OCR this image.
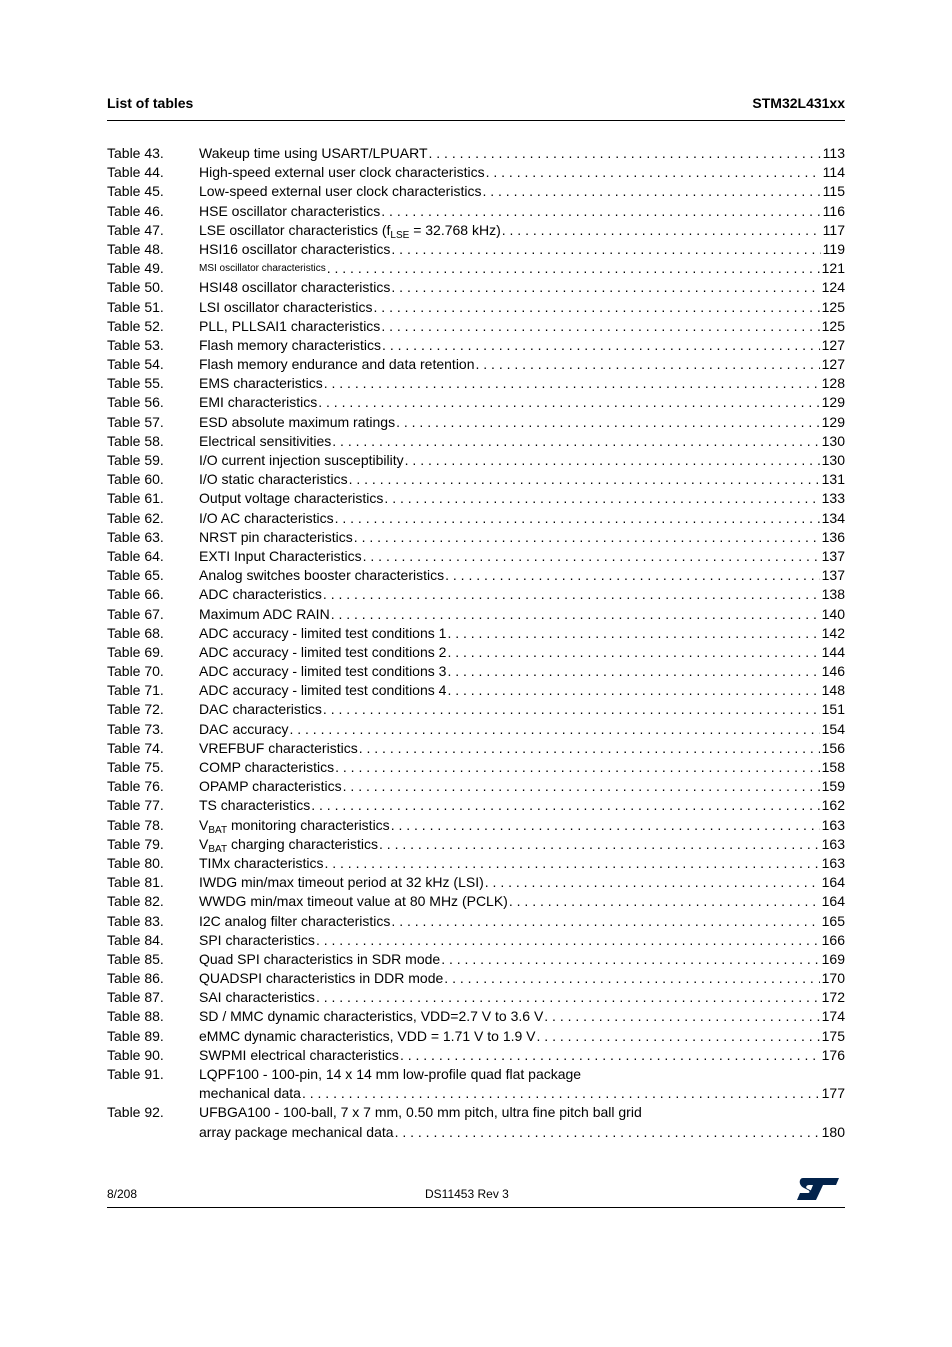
List of tables	STM32L431xx
Table 43.	Wakeup time using USART/LPUART . . .	113
Table 44.	High-speed external user clock characteristics . . .	114
Table 45.	Low-speed external user clock characteristics . . .	115
Table 46.	HSE oscillator characteristics . . .	116
Table 47.	LSE oscillator characteristics ($f_{LSE} = 32.768$ kHz) . . .	117
Table 48.	HSI16 oscillator characteristics . . .	119
Table 49.	MSI oscillator characteristics . . .	121
Table 50.	HSI48 oscillator characteristics . . .	124
Table 51.	LSI oscillator characteristics . . .	125
Table 52.	PLL, PLLSAI1 characteristics . . .	125
Table 53.	Flash memory characteristics . . .	127
Table 54.	Flash memory endurance and data retention . . .	127
Table 55.	EMS characteristics . . .	128
Table 56.	EMI characteristics . . .	129
Table 57.	ESD absolute maximum ratings . . .	129
Table 58.	Electrical sensitivities . . .	130
Table 59.	I/O current injection susceptibility . . .	130
Table 60.	I/O static characteristics . . .	131
Table 61.	Output voltage characteristics . . .	133
Table 62.	I/O AC characteristics . . .	134
Table 63.	NRST pin characteristics . . .	136
Table 64.	EXTI Input Characteristics . . .	137
Table 65.	Analog switches booster characteristics . . .	137
Table 66.	ADC characteristics . . .	138
Table 67.	Maximum ADC RAIN . . .	140
Table 68.	ADC accuracy - limited test conditions 1 . . .	142
Table 69.	ADC accuracy - limited test conditions 2 . . .	144
Table 70.	ADC accuracy - limited test conditions 3 . . .	146
Table 71.	ADC accuracy - limited test conditions 4 . . .	148
Table 72.	DAC characteristics . . .	151
Table 73.	DAC accuracy . . .	154
Table 74.	VREFBUF characteristics . . .	156
Table 75.	COMP characteristics . . .	158
Table 76.	OPAMP characteristics . . .	159
Table 77.	TS characteristics . . .	162
Table 78.	$V_{BAT}$ monitoring characteristics . . .	163
Table 79.	$V_{BAT}$ charging characteristics . . .	163
Table 80.	TIMx characteristics . . .	163
Table 81.	IWDG min/max timeout period at 32 kHz (LSI) . . .	164
Table 82.	WWDG min/max timeout value at 80 MHz (PCLK) . . .	164
Table 83.	I2C analog filter characteristics . . .	165
Table 84.	SPI characteristics . . .	166
Table 85.	Quad SPI characteristics in SDR mode . . .	169
Table 86.	QUADSPI characteristics in DDR mode . . .	170
Table 87.	SAI characteristics . . .	172
Table 88.	SD / MMC dynamic characteristics, VDD=2.7 V to 3.6 V . . .	174
Table 89.	eMMC dynamic characteristics, VDD = 1.71 V to 1.9 V . . .	175
Table 90.	SWPMI electrical characteristics . . .	176
Table 91.	LQPF100 - 100-pin, 14 x 14 mm low-profile quad flat package
mechanical data . . .	177
Table 92.	UFBGA100 - 100-ball, 7 x 7 mm, 0.50 mm pitch, ultra fine pitch ball grid
array package mechanical data . . .	180
8/208	DS11453 Rev 3
